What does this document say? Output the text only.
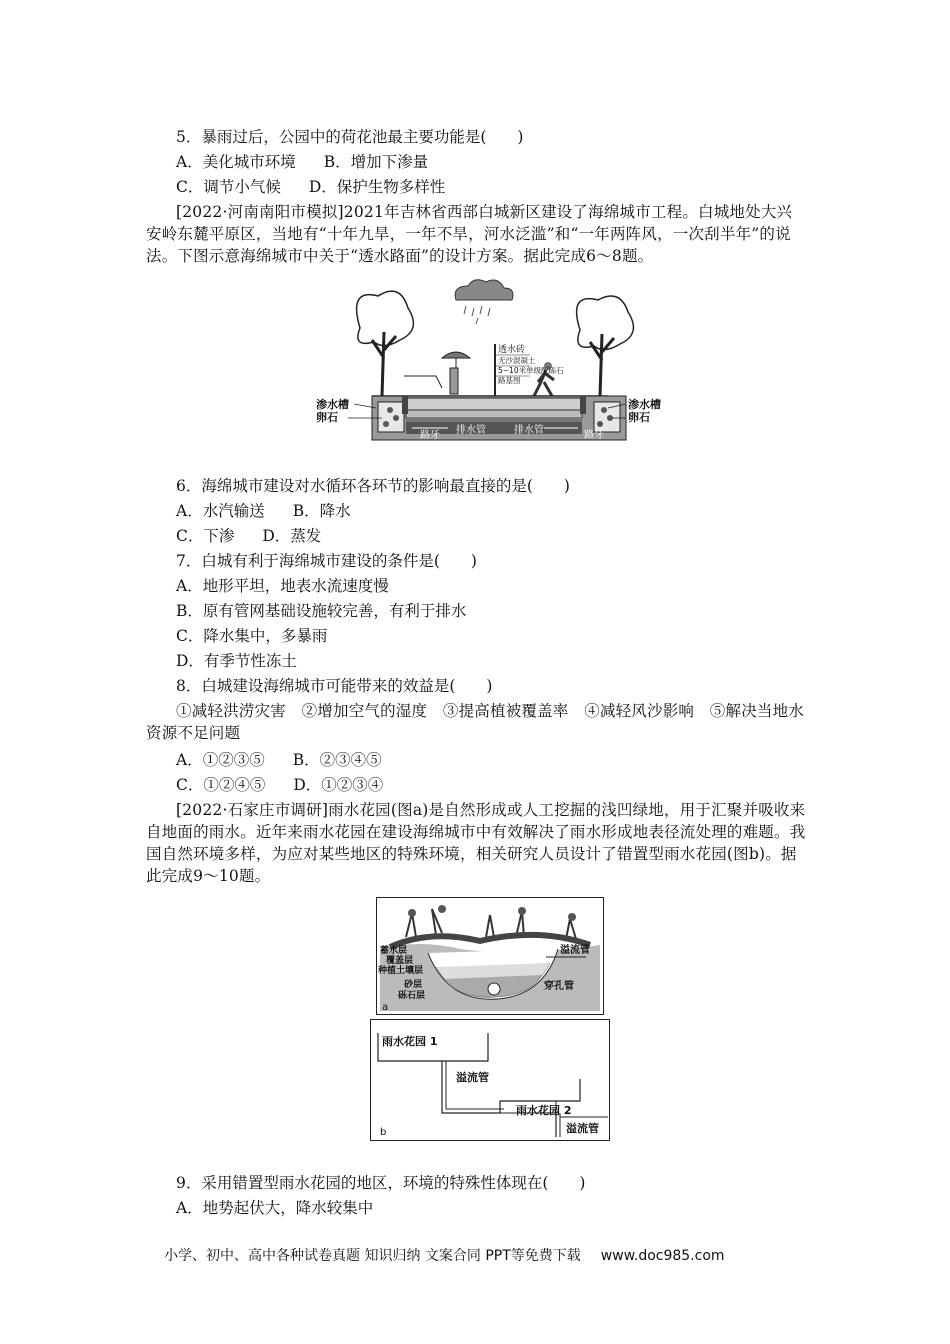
5．暴雨过后，公园中的荷花池最主要功能是(　　)
A．美化城市环境 B．增加下渗量
C．调节小气候 D．保护生物多样性
[2022·河南南阳市模拟]2021年吉林省西部白城新区建设了海绵城市工程。白城地处大兴安岭东麓平原区，当地有“十年九旱，一年不旱，河水泛滥”和“一年两阵风，一次刮半年”的说法。下图示意海绵城市中关于“透水路面”的设计方案。据此完成6～8题。
透水砖
无沙混凝土
5~10米单级配砾石
路基图
渗水槽
卵石
渗水槽
卵石
路牙 排水管	排水管	路牙
6．海绵城市建设对水循环各环节的影响最直接的是(　　)
A．水汽输送 B．降水
C．下渗 D．蒸发
7．白城有利于海绵城市建设的条件是(　　)
A．地形平坦，地表水流速度慢
B．原有管网基础设施较完善，有利于排水
C．降水集中，多暴雨
D．有季节性冻土
8．白城建设海绵城市可能带来的效益是(　　)
①减轻洪涝灾害　②增加空气的湿度　③提高植被覆盖率　④减轻风沙影响　⑤解决当地水资源不足问题
A．①②③⑤ B．②③④⑤
C．①②④⑤ D．①②③④
[2022·石家庄市调研]雨水花园(图a)是自然形成或人工挖掘的浅凹绿地，用于汇聚并吸收来自地面的雨水。近年来雨水花园在建设海绵城市中有效解决了雨水形成地表径流处理的难题。我国自然环境多样，为应对某些地区的特殊环境，相关研究人员设计了错置型雨水花园(图b)。据此完成9～10题。
蓄水层
覆盖层
种植土壤层
砂层
砾石层
溢流管
穿孔管
a
雨水花园 1
溢流管
雨水花园 2
溢流管
b
9．采用错置型雨水花园的地区，环境的特殊性体现在(　　)
A．地势起伏大，降水较集中
小学、初中、高中各种试卷真题 知识归纳 文案合同 PPT等免费下载 www.doc985.com
